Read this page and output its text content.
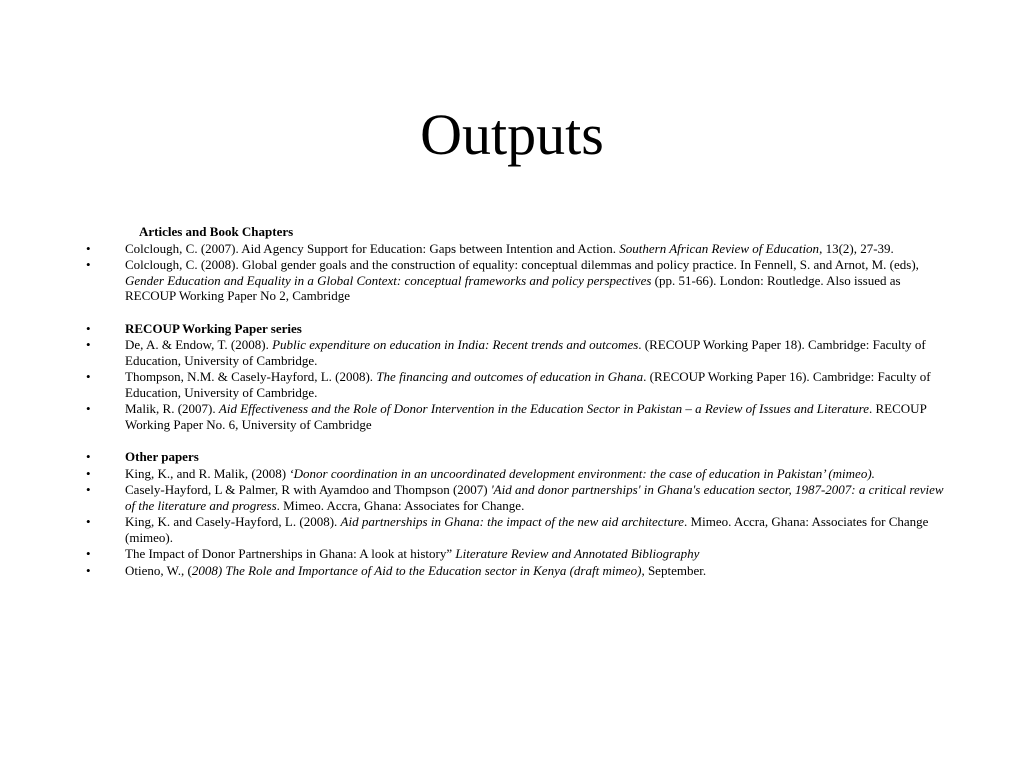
Outputs
Articles and Book Chapters
•	Colclough, C. (2007). Aid Agency Support for Education: Gaps between Intention and Action. Southern African Review of Education, 13(2), 27-39.
•	Colclough, C. (2008). Global gender goals and the construction of equality: conceptual dilemmas and policy practice. In Fennell, S. and Arnot, M. (eds), Gender Education and Equality in a Global Context: conceptual frameworks and policy perspectives (pp. 51-66). London: Routledge. Also issued as RECOUP Working Paper No 2, Cambridge
•	RECOUP Working Paper series
•	De, A. & Endow, T. (2008). Public expenditure on education in India: Recent trends and outcomes. (RECOUP Working Paper 18). Cambridge: Faculty of Education, University of Cambridge.
•	Thompson, N.M. & Casely-Hayford, L. (2008). The financing and outcomes of education in Ghana. (RECOUP Working Paper 16). Cambridge: Faculty of Education, University of Cambridge.
•	Malik, R. (2007). Aid Effectiveness and the Role of Donor Intervention in the Education Sector in Pakistan – a Review of Issues and Literature. RECOUP Working Paper No. 6, University of Cambridge
•	Other papers
•	King, K., and R. Malik, (2008) ‘Donor coordination in an uncoordinated development environment: the case of education in Pakistan’ (mimeo).
•	Casely-Hayford, L & Palmer, R with Ayamdoo and Thompson (2007) 'Aid and donor partnerships' in Ghana's education sector, 1987-2007: a critical review of the literature and progress. Mimeo. Accra, Ghana: Associates for Change.
•	King, K. and Casely-Hayford, L. (2008). Aid partnerships in Ghana: the impact of the new aid architecture. Mimeo. Accra, Ghana: Associates for Change (mimeo).
•	The Impact of Donor Partnerships in Ghana: A look at history” Literature Review and Annotated Bibliography
•	Otieno, W., (2008) The Role and Importance of Aid to the Education sector in Kenya (draft mimeo), September.
